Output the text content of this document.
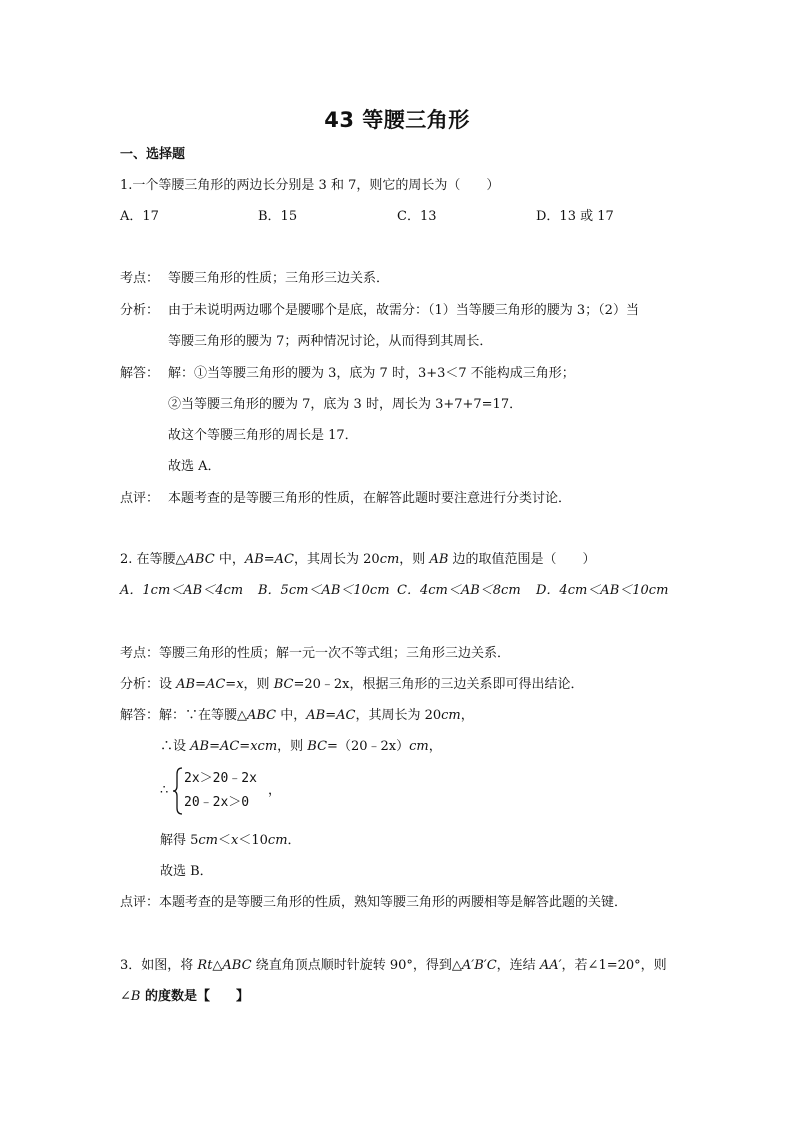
43 等腰三角形
一、选择题
1.一个等腰三角形的两边长分别是 3 和 7，则它的周长为（　　）
A．17	B．15	C．13	D．13 或 17
考点： 等腰三角形的性质；三角形三边关系．
分析： 由于未说明两边哪个是腰哪个是底，故需分：（1）当等腰三角形的腰为 3；（2）当
等腰三角形的腰为 7；两种情况讨论，从而得到其周长．
解答： 解：①当等腰三角形的腰为 3，底为 7 时，3+3＜7 不能构成三角形；
②当等腰三角形的腰为 7，底为 3 时，周长为 3+7+7=17．
故这个等腰三角形的周长是 17．
故选 A．
点评： 本题考查的是等腰三角形的性质，在解答此题时要注意进行分类讨论．
2. 在等腰△ABC 中，AB=AC，其周长为 20cm，则 AB 边的取值范围是（　　）
A．1cm＜AB＜4cm B．5cm＜AB＜10cm C．4cm＜AB＜8cm D．4cm＜AB＜10cm
考点：等腰三角形的性质；解一元一次不等式组；三角形三边关系．
分析：设 AB=AC=x，则 BC=20﹣2x，根据三角形的三边关系即可得出结论．
解答：解：∵在等腰△ABC 中，AB=AC，其周长为 20cm，
∴设 AB=AC=xcm，则 BC=（20﹣2x）cm，
∴
2x＞20﹣2x
20﹣2x＞0
，
解得 5cm＜x＜10cm．
故选 B．
点评：本题考查的是等腰三角形的性质，熟知等腰三角形的两腰相等是解答此题的关键．
3．如图，将 Rt△ABC 绕直角顶点顺时针旋转 90°，得到△A′B′C，连结 AA′，若∠1=20°，则
∠B 的度数是【　　】
